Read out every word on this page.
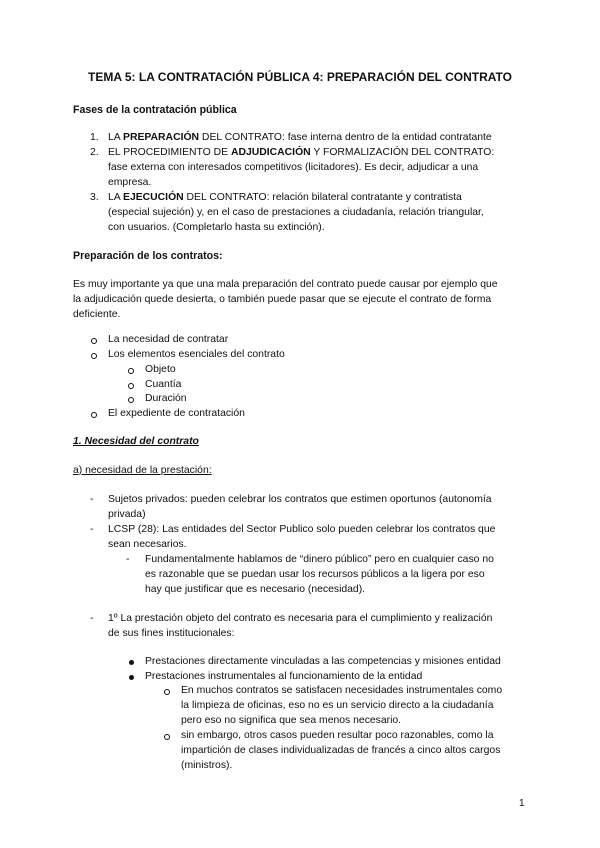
TEMA 5: LA CONTRATACIÓN PÚBLICA 4: PREPARACIÓN DEL CONTRATO
Fases de la contratación pública
1. LA PREPARACIÓN DEL CONTRATO: fase interna dentro de la entidad contratante
2. EL PROCEDIMIENTO DE ADJUDICACIÓN Y FORMALIZACIÓN DEL CONTRATO:
fase externa con interesados competitivos (licitadores). Es decir, adjudicar a una
empresa.
3. LA EJECUCIÓN DEL CONTRATO: relación bilateral contratante y contratista
(especial sujeción) y, en el caso de prestaciones a ciudadanía, relación triangular,
con usuarios. (Completarlo hasta su extinción).
Preparación de los contratos:
Es muy importante ya que una mala preparación del contrato puede causar por ejemplo que
la adjudicación quede desierta, o también puede pasar que se ejecute el contrato de forma
deficiente.
La necesidad de contratar
Los elementos esenciales del contrato
Objeto
Cuantía
Duración
El expediente de contratación
1. Necesidad del contrato
a) necesidad de la prestación:
- Sujetos privados: pueden celebrar los contratos que estimen oportunos (autonomía
privada)
- LCSP (28): Las entidades del Sector Publico solo pueden celebrar los contratos que
sean necesarios.
- Fundamentalmente hablamos de “dinero público” pero en cualquier caso no
es razonable que se puedan usar los recursos públicos a la ligera por eso
hay que justificar que es necesario (necesidad).
- 1º La prestación objeto del contrato es necesaria para el cumplimiento y realización
de sus fines institucionales:
Prestaciones directamente vinculadas a las competencias y misiones entidad
Prestaciones instrumentales al funcionamiento de la entidad
En muchos contratos se satisfacen necesidades instrumentales como
la limpieza de oficinas, eso no es un servicio directo a la ciudadanía
pero eso no significa que sea menos necesario.
sin embargo, otros casos pueden resultar poco razonables, como la
impartición de clases individualizadas de francés a cinco altos cargos
(ministros).
1
